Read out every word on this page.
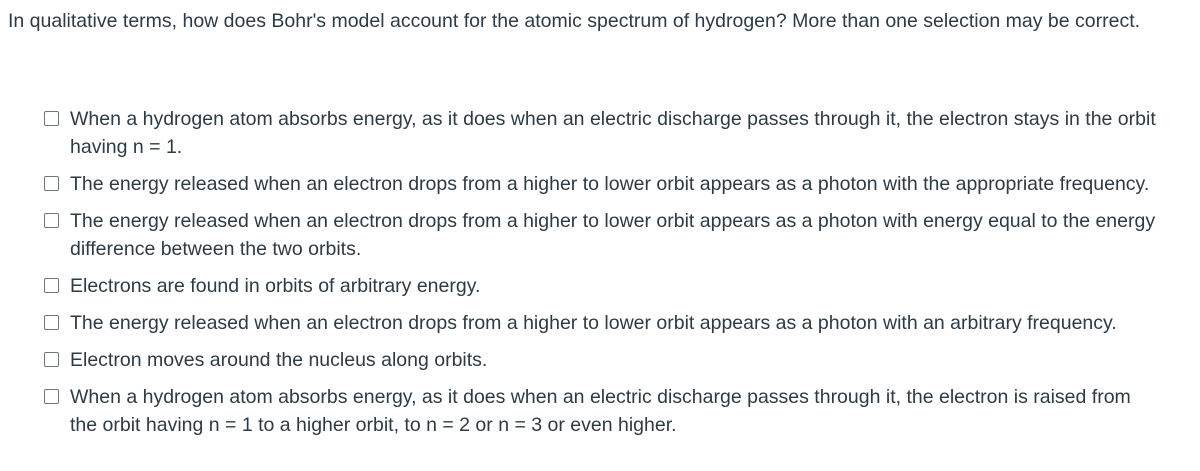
In qualitative terms, how does Bohr's model account for the atomic spectrum of hydrogen? More than one selection may be correct.
When a hydrogen atom absorbs energy, as it does when an electric discharge passes through it, the electron stays in the orbit having n = 1.
The energy released when an electron drops from a higher to lower orbit appears as a photon with the appropriate frequency.
The energy released when an electron drops from a higher to lower orbit appears as a photon with energy equal to the energy difference between the two orbits.
Electrons are found in orbits of arbitrary energy.
The energy released when an electron drops from a higher to lower orbit appears as a photon with an arbitrary frequency.
Electron moves around the nucleus along orbits.
When a hydrogen atom absorbs energy, as it does when an electric discharge passes through it, the electron is raised from the orbit having n = 1 to a higher orbit, to n = 2 or n = 3 or even higher.
